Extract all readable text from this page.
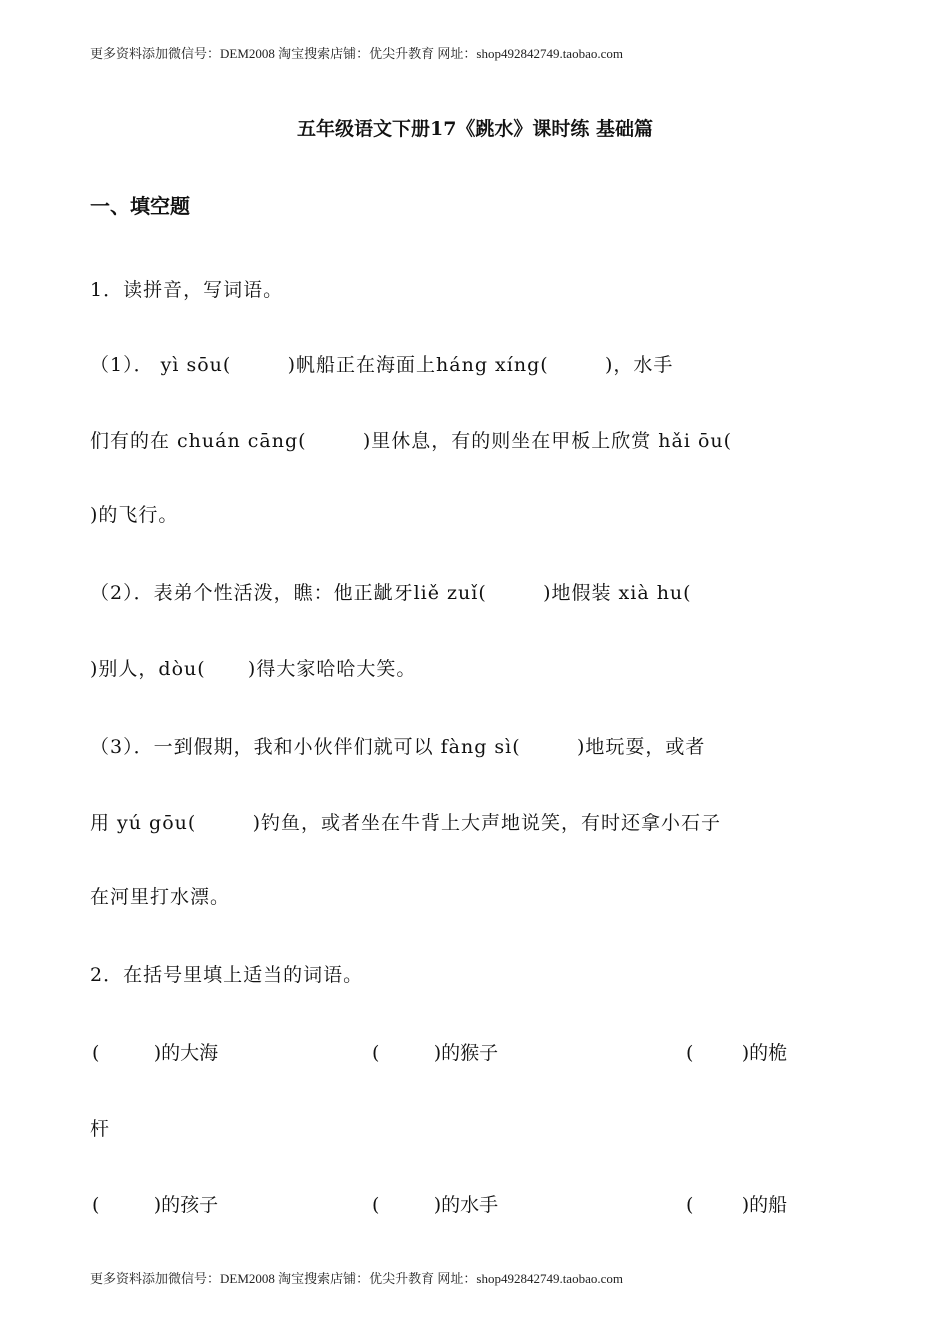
更多资料添加微信号：DEM2008 淘宝搜索店铺：优尖升教育 网址：shop492842749.taobao.com
五年级语文下册17《跳水》课时练 基础篇
一、填空题
1．读拼音，写词语。
（1）． yì sōu(        )帆船正在海面上háng xíng(        )，水手
们有的在 chuán cāng(        )里休息，有的则坐在甲板上欣赏 hǎi ōu(
)的飞行。
（2）．表弟个性活泼，瞧：他正龇牙liě zuǐ(        )地假装 xià hu(
)别人，dòu(      )得大家哈哈大笑。
（3）．一到假期，我和小伙伴们就可以 fàng sì(        )地玩耍，或者
用 yú gōu(        )钓鱼，或者坐在牛背上大声地说笑，有时还拿小石子
在河里打水漂。
2．在括号里填上适当的词语。
(         )的大海	(         )的猴子	(        )的桅
杆
(         )的孩子	(         )的水手	(        )的船
更多资料添加微信号：DEM2008 淘宝搜索店铺：优尖升教育 网址：shop492842749.taobao.com
